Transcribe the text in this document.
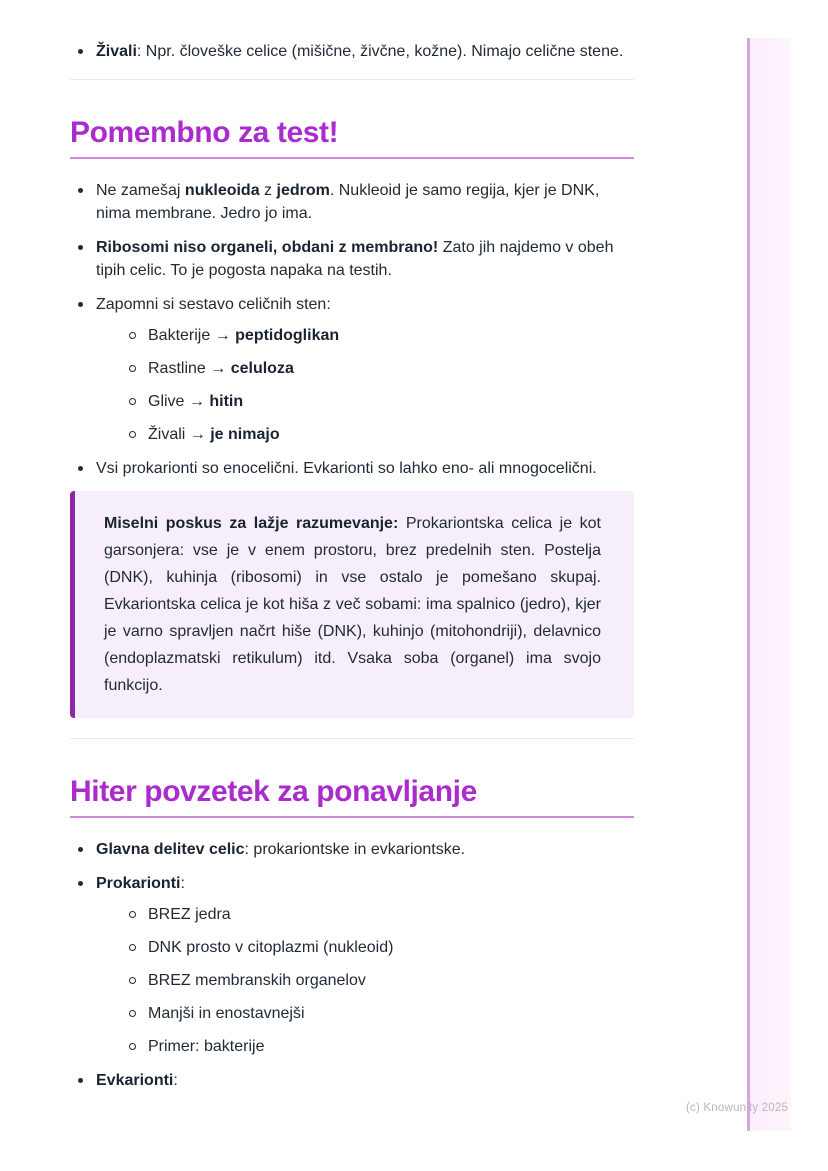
Živali: Npr. človeške celice (mišične, živčne, kožne). Nimajo celične stene.
Pomembno za test!
Ne zamešaj nukleoida z jedrom. Nukleoid je samo regija, kjer je DNK, nima membrane. Jedro jo ima.
Ribosomi niso organeli, obdani z membrano! Zato jih najdemo v obeh tipih celic. To je pogosta napaka na testih.
Zapomni si sestavo celičnih sten:
Bakterije → peptidoglikan
Rastline → celuloza
Glive → hitin
Živali → je nimajo
Vsi prokarionti so enocelični. Evkarionti so lahko eno- ali mnogocelični.

Miselni poskus za lažje razumevanje: Prokariontska celica je kot garsonjera: vse je v enem prostoru, brez predelnih sten. Postelja (DNK), kuhinja (ribosomi) in vse ostalo je pomešano skupaj. Evkariontska celica je kot hiša z več sobami: ima spalnico (jedro), kjer je varno spravljen načrt hiše (DNK), kuhinjo (mitohondriji), delavnico (endoplazmatski retikulum) itd. Vsaka soba (organel) ima svojo funkcijo.

Hiter povzetek za ponavljanje
Glavna delitev celic: prokariontske in evkariontske.
Prokarionti:
BREZ jedra
DNK prosto v citoplazmi (nukleoid)
BREZ membranskih organelov
Manjši in enostavnejši
Primer: bakterije
Evkarionti:
(c) Knowunity 2025
